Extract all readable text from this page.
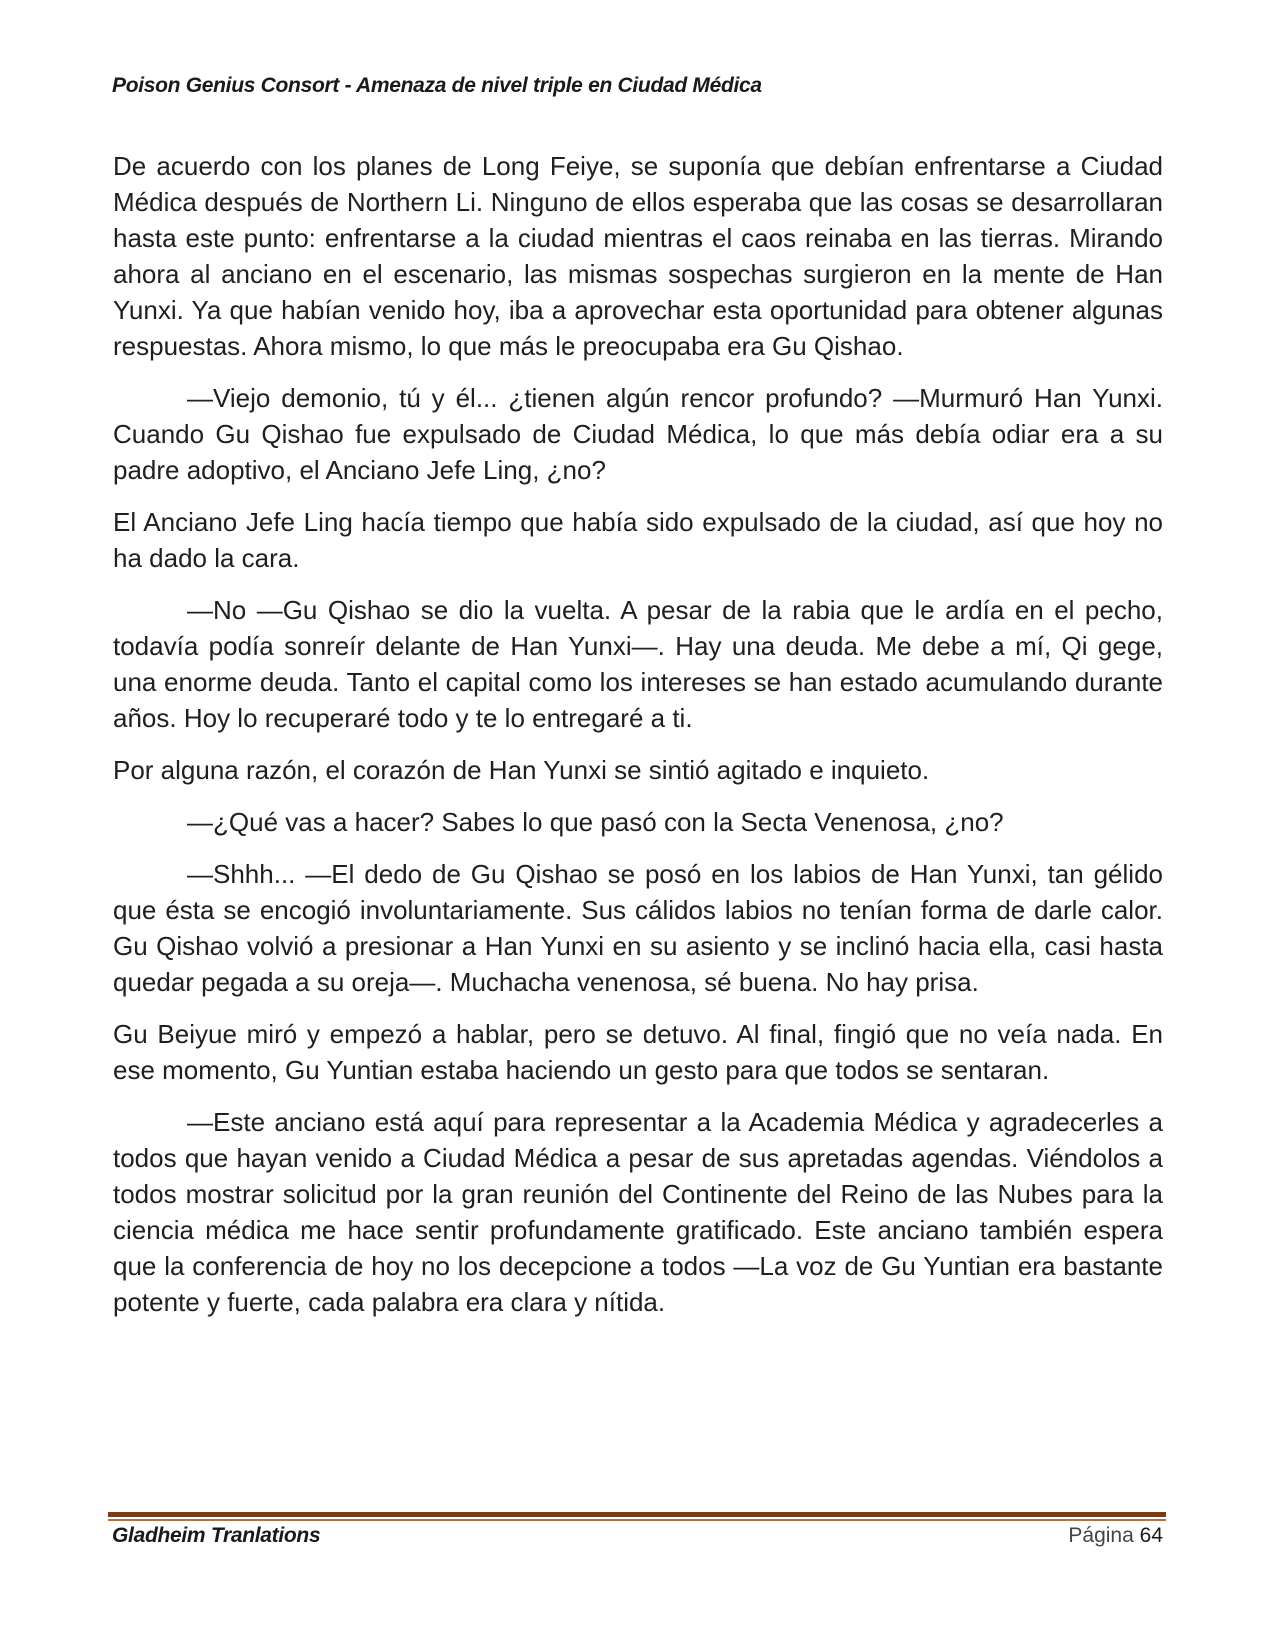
Poison Genius Consort - Amenaza de nivel triple en Ciudad Médica

De acuerdo con los planes de Long Feiye, se suponía que debían enfrentarse a Ciudad Médica después de Northern Li. Ninguno de ellos esperaba que las cosas se desarrollaran hasta este punto: enfrentarse a la ciudad mientras el caos reinaba en las tierras. Mirando ahora al anciano en el escenario, las mismas sospechas surgieron en la mente de Han Yunxi. Ya que habían venido hoy, iba a aprovechar esta oportunidad para obtener algunas respuestas. Ahora mismo, lo que más le preocupaba era Gu Qishao.

—Viejo demonio, tú y él... ¿tienen algún rencor profundo? —Murmuró Han Yunxi. Cuando Gu Qishao fue expulsado de Ciudad Médica, lo que más debía odiar era a su padre adoptivo, el Anciano Jefe Ling, ¿no?

El Anciano Jefe Ling hacía tiempo que había sido expulsado de la ciudad, así que hoy no ha dado la cara.

—No —Gu Qishao se dio la vuelta. A pesar de la rabia que le ardía en el pecho, todavía podía sonreír delante de Han Yunxi—. Hay una deuda. Me debe a mí, Qi gege, una enorme deuda. Tanto el capital como los intereses se han estado acumulando durante años. Hoy lo recuperaré todo y te lo entregaré a ti.

Por alguna razón, el corazón de Han Yunxi se sintió agitado e inquieto.

—¿Qué vas a hacer? Sabes lo que pasó con la Secta Venenosa, ¿no?

—Shhh... —El dedo de Gu Qishao se posó en los labios de Han Yunxi, tan gélido que ésta se encogió involuntariamente. Sus cálidos labios no tenían forma de darle calor. Gu Qishao volvió a presionar a Han Yunxi en su asiento y se inclinó hacia ella, casi hasta quedar pegada a su oreja—. Muchacha venenosa, sé buena. No hay prisa.

Gu Beiyue miró y empezó a hablar, pero se detuvo. Al final, fingió que no veía nada. En ese momento, Gu Yuntian estaba haciendo un gesto para que todos se sentaran.

—Este anciano está aquí para representar a la Academia Médica y agradecerles a todos que hayan venido a Ciudad Médica a pesar de sus apretadas agendas. Viéndolos a todos mostrar solicitud por la gran reunión del Continente del Reino de las Nubes para la ciencia médica me hace sentir profundamente gratificado. Este anciano también espera que la conferencia de hoy no los decepcione a todos —La voz de Gu Yuntian era bastante potente y fuerte, cada palabra era clara y nítida.

Gladheim Tranlations	Página 64
